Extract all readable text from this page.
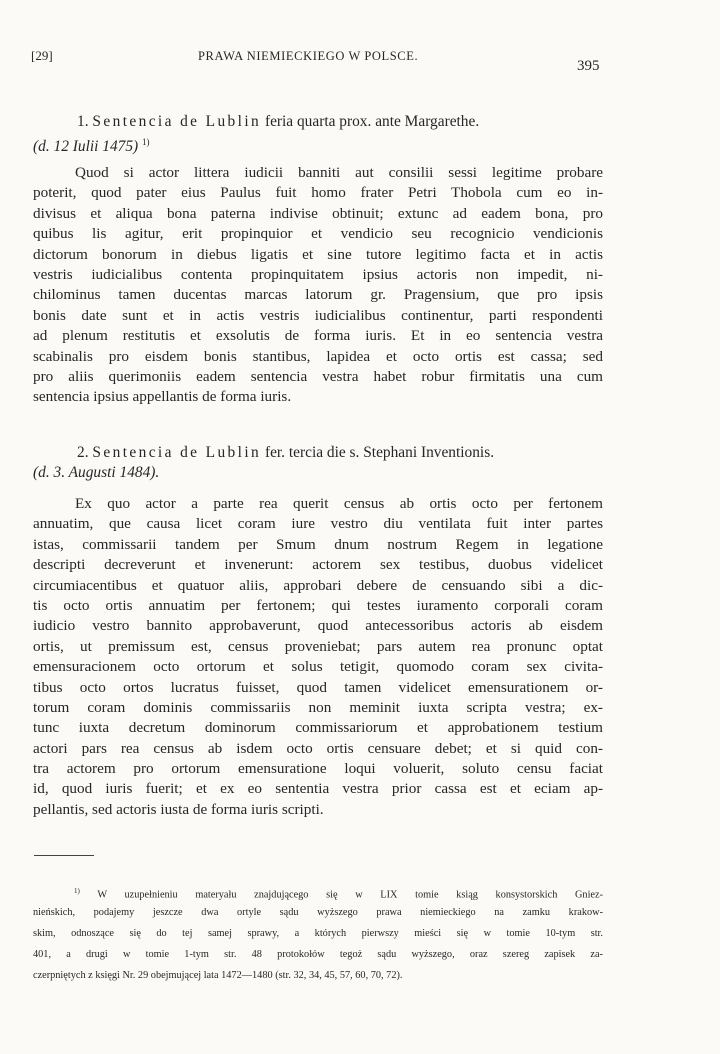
[29]	PRAWA NIEMIECKIEGO W POLSCE.
395
1. Sentencia de Lublin feria quarta prox. ante Margarethe.
(d. 12 Iulii 1475) $^{1)}$
Quod si actor littera iudicii banniti aut consilii sessi legitime probare
poterit, quod pater eius Paulus fuit homo frater Petri Thobola cum eo in-
divisus et aliqua bona paterna indivise obtinuit; extunc ad eadem bona, pro
quibus lis agitur, erit propinquior et vendicio seu recognicio vendicionis
dictorum bonorum in diebus ligatis et sine tutore legitimo facta et in actis
vestris iudicialibus contenta propinquitatem ipsius actoris non impedit, ni-
chilominus tamen ducentas marcas latorum gr. Pragensium, que pro ipsis
bonis date sunt et in actis vestris iudicialibus continentur, parti respondenti
ad plenum restitutis et exsolutis de forma iuris. Et in eo sentencia vestra
scabinalis pro eisdem bonis stantibus, lapidea et octo ortis est cassa; sed
pro aliis querimoniis eadem sentencia vestra habet robur firmitatis una cum
sentencia ipsius appellantis de forma iuris.
2. Sentencia de Lublin fer. tercia die s. Stephani Inventionis.
(d. 3. Augusti 1484).
Ex quo actor a parte rea querit census ab ortis octo per fertonem
annuatim, que causa licet coram iure vestro diu ventilata fuit inter partes
istas, commissarii tandem per Smum dnum nostrum Regem in legatione
descripti decreverunt et invenerunt: actorem sex testibus, duobus videlicet
circumiacentibus et quatuor aliis, approbari debere de censuando sibi a dic-
tis octo ortis annuatim per fertonem; qui testes iuramento corporali coram
iudicio vestro bannito approbaverunt, quod antecessoribus actoris ab eisdem
ortis, ut premissum est, census proveniebat; pars autem rea pronunc optat
emensuracionem octo ortorum et solus tetigit, quomodo coram sex civita-
tibus octo ortos lucratus fuisset, quod tamen videlicet emensurationem or-
torum coram dominis commissariis non meminit iuxta scripta vestra; ex-
tunc iuxta decretum dominorum commissariorum et approbationem testium
actori pars rea census ab isdem octo ortis censuare debet; et si quid con-
tra actorem pro ortorum emensuratione loqui voluerit, soluto censu faciat
id, quod iuris fuerit; et ex eo sententia vestra prior cassa est et eciam ap-
pellantis, sed actoris iusta de forma iuris scripti.
$^{1)}$ W uzupełnieniu materyału znajdującego się w LIX tomie ksiąg konsystorskich Gniez-
nieńskich, podajemy jeszcze dwa ortyle sądu wyższego prawa niemieckiego na zamku krakow-
skim, odnoszące się do tej samej sprawy, a których pierwszy mieści się w tomie 10-tym str.
401, a drugi w tomie 1-tym str. 48 protokołów tegoż sądu wyższego, oraz szereg zapisek za-
czerpniętych z księgi Nr. 29 obejmującej lata 1472—1480 (str. 32, 34, 45, 57, 60, 70, 72).
